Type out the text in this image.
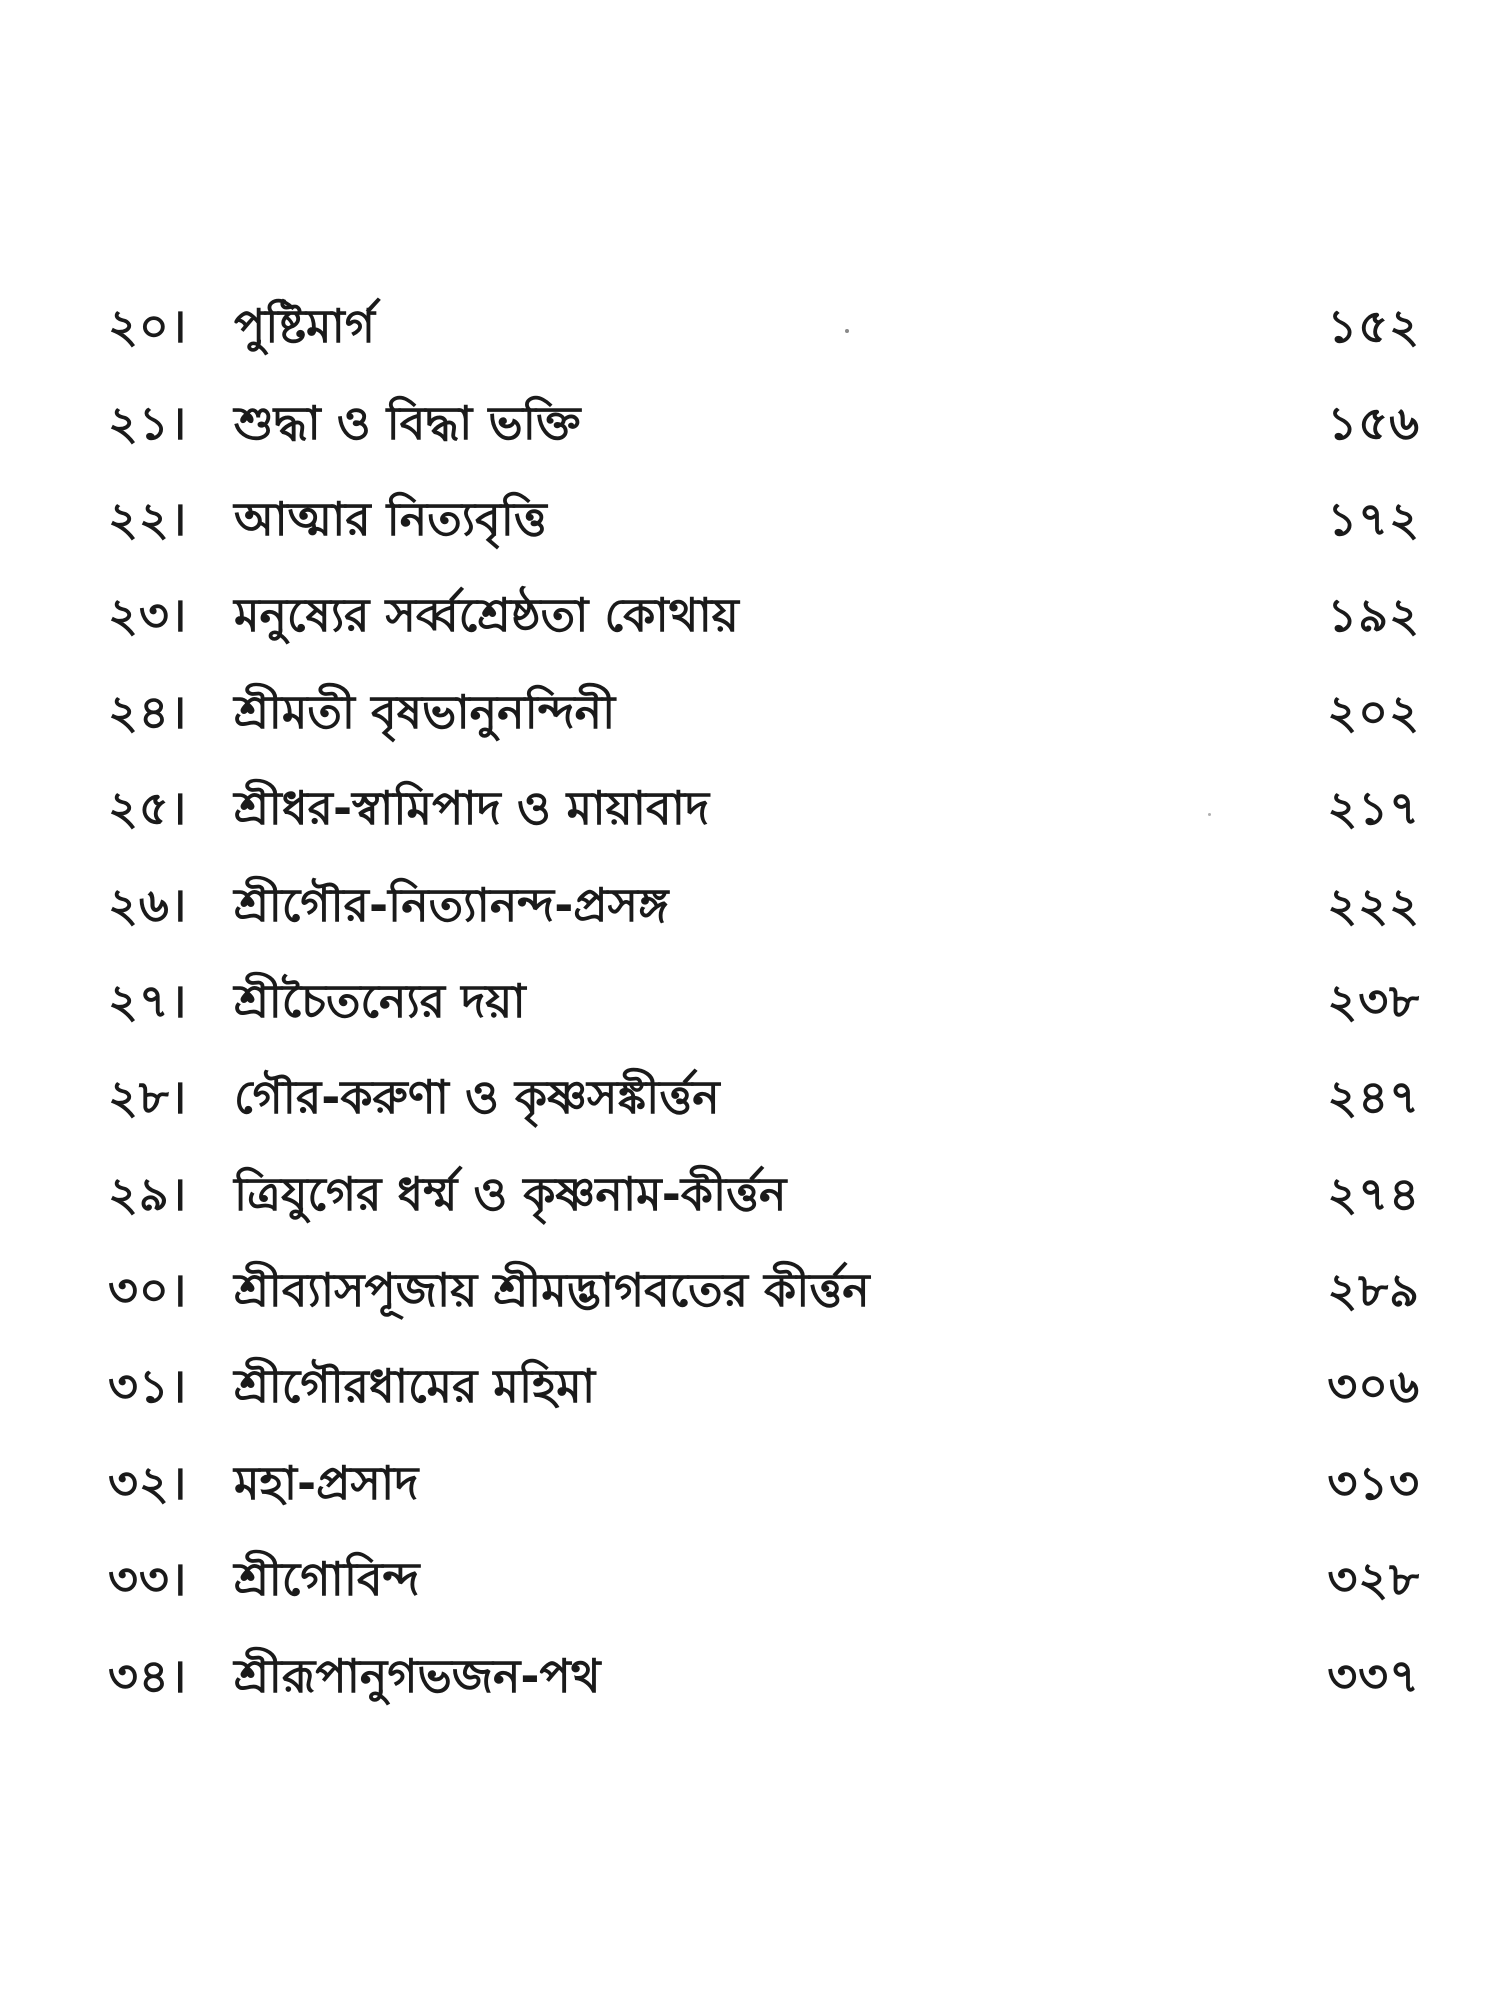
২০।	পুষ্টিমার্গ	১৫২
২১।	শুদ্ধা ও বিদ্ধা ভক্তি	১৫৬
২২।	আত্মার নিত্যবৃত্তি	১৭২
২৩।	মনুষ্যের সর্ব্বশ্রেষ্ঠতা কোথায়	১৯২
২৪।	শ্রীমতী বৃষভানুনন্দিনী	২০২
২৫।	শ্রীধর-স্বামিপাদ ও মায়াবাদ	২১৭
২৬।	শ্রীগৌর-নিত্যানন্দ-প্রসঙ্গ	২২২
২৭।	শ্রীচৈতন্যের দয়া	২৩৮
২৮।	গৌর-করুণা ও কৃষ্ণসঙ্কীর্ত্তন	২৪৭
২৯।	ত্রিযুগের ধর্ম্ম ও কৃষ্ণনাম-কীর্ত্তন	২৭৪
৩০।	শ্রীব্যাসপূজায় শ্রীমদ্ভাগবতের কীর্ত্তন	২৮৯
৩১।	শ্রীগৌরধামের মহিমা	৩০৬
৩২।	মহা-প্রসাদ	৩১৩
৩৩।	শ্রীগোবিন্দ	৩২৮
৩৪।	শ্রীরূপানুগভজন-পথ	৩৩৭
